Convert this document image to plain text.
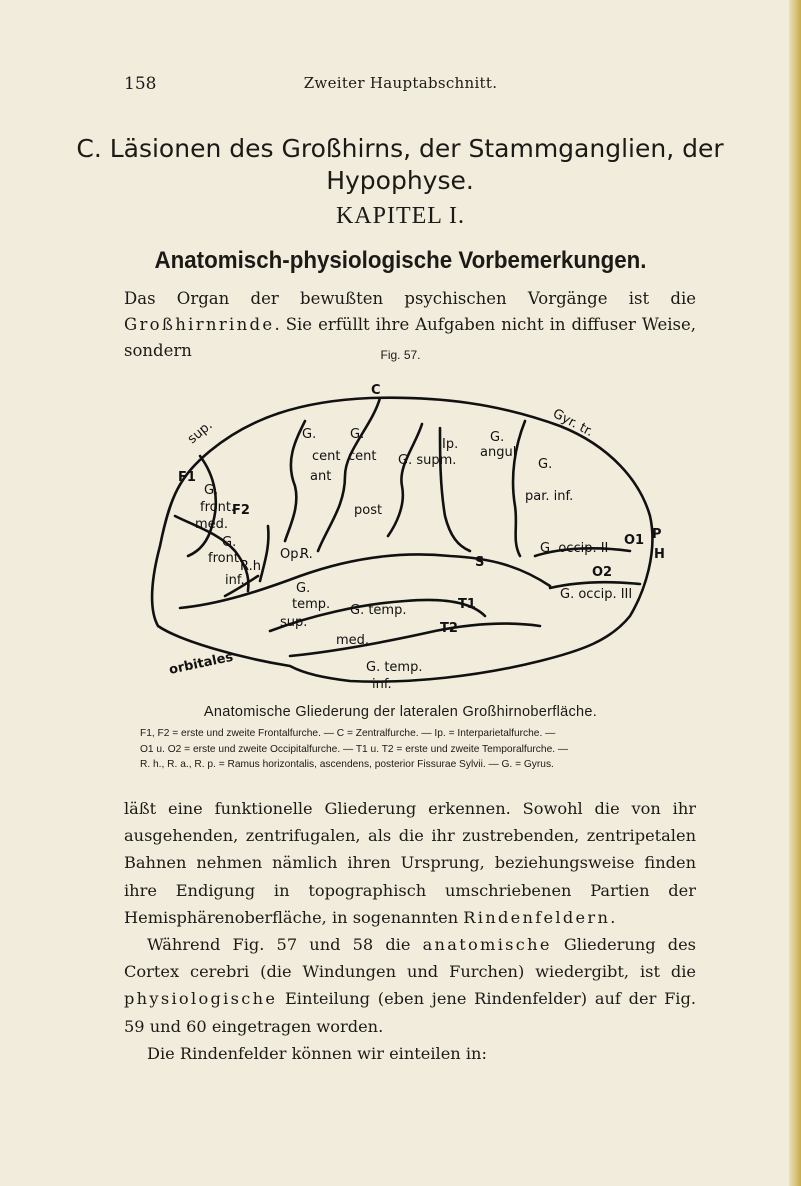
158	Zweiter Hauptabschnitt.
C. Läsionen des Großhirns, der Stammganglien, der Hypophyse.
KAPITEL I.
Anatomisch-physiologische Vorbemerkungen.
Das Organ der bewußten psychischen Vorgänge ist die Großhirnrinde. Sie erfüllt ihre Aufgaben nicht in diffuser Weise, sondern	Fig. 57.
C
G.
cent
ant
G.
cent
post
Ip.
G. supm.
G.
angul
G.
par. inf.
Gyr. tr.
sup.
F1
G.
front.
med.
F2
G.
front.
inf.
R.h.
Op.
R.
S
G. occip. II
O1
O2
G. occip. III
G.
temp.
sup.
T1
G. temp.
med.
T2
G. temp.
inf.
orbitales
P
H
Anatomische Gliederung der lateralen Großhirnoberfläche.
F1, F2 = erste und zweite Frontalfurche. — C = Zentralfurche. — Ip. = Interparietalfurche. —
O1 u. O2 = erste und zweite Occipitalfurche. — T1 u. T2 = erste und zweite Temporalfurche. —
R. h., R. a., R. p. = Ramus horizontalis, ascendens, posterior Fissurae Sylvii. — G. = Gyrus.

läßt eine funktionelle Gliederung erkennen. Sowohl die von ihr ausgehenden, zentrifugalen, als die ihr zustrebenden, zentripetalen Bahnen nehmen nämlich ihren Ursprung, beziehungsweise finden ihre Endigung in topographisch umschriebenen Partien der Hemisphärenoberfläche, in sogenannten Rindenfeldern.

Während Fig. 57 und 58 die anatomische Gliederung des Cortex cerebri (die Windungen und Furchen) wiedergibt, ist die physiologische Einteilung (eben jene Rindenfelder) auf der Fig. 59 und 60 eingetragen worden.

Die Rindenfelder können wir einteilen in:
